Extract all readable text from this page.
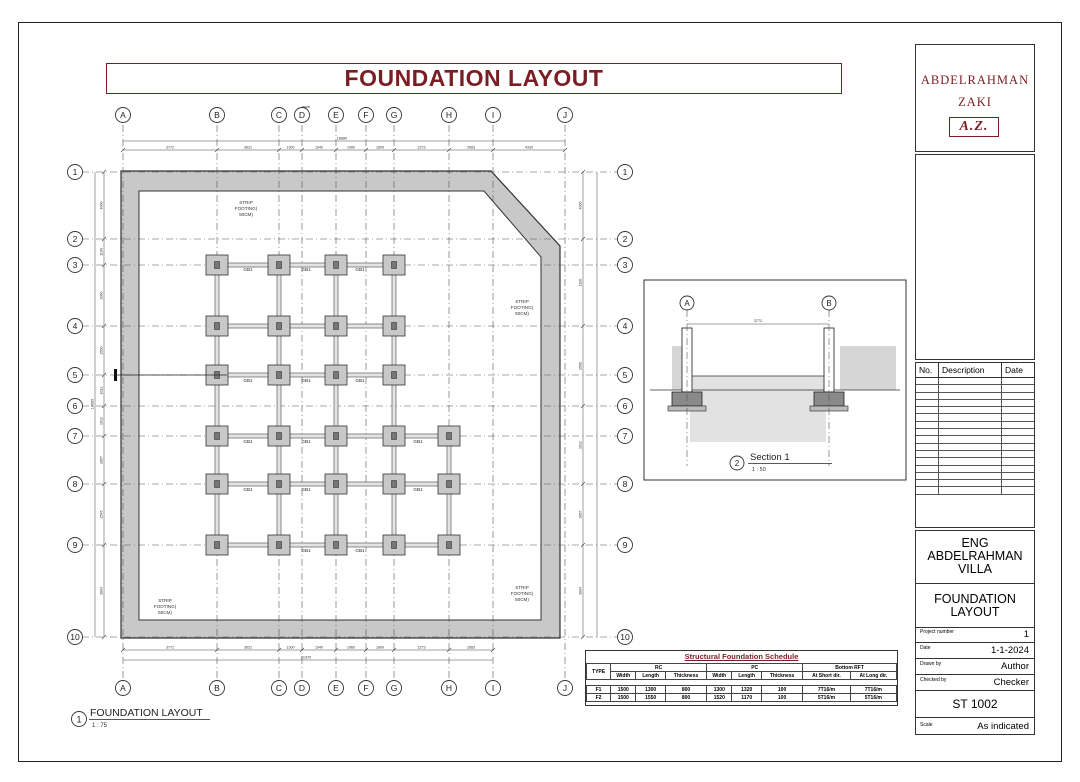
A
A
B
B
C
C
D
D
E
E
F
F
G
G
H
H
I
I
J
J
1	1
2	2
3	3
4	4
5	5
6	6
7	7
8	8
9	9
10	10
3772	3631	1300	1940	1960	1809	2273	2683	4330
3772	3631	1300	1940	1960	1809	2273	2683
18680
21370
4000
1100
3000
2500
1612
1612
2857
2545
3004
19695
4000
1100
2500
1612
2857
3004
STRIP
FOOTING(
50CM)
STRIP
FOOTING(
50CM)
STRIP
FOOTING(
50CM)
STRIP
FOOTING(
50CM)
GB1	GB1	GB1
GB1	GB1	GB1
GB1	GB1	GB1
GB1	GB1	GB1
GB1	GB1
1
FOUNDATION LAYOUT
1 : 75
A	B
3772
2
Section 1
1 : 50
FOUNDATION LAYOUT	ABDELRAHMAN
ZAKI
A.Z.
No.	Description	Date

ENG
ABDELRAHMAN
VILLA
FOUNDATION
LAYOUT
Project number	1
Date	1-1-2024
Drawn by	Author
Checked by	Checker
ST 1002
Scale	As indicated
Structural Foundation Schedule
TYPE	RC			PC			Bottom RFT	
	Width	Length	Thickness	Width	Length	Thickness	At Short dir.	At Long dir.

F1	1500	1300	800	1300	1320	100	7T16/m	7T16/m
F2	1500	1550	800	1520	1170	100	5T16/m	5T16/m
